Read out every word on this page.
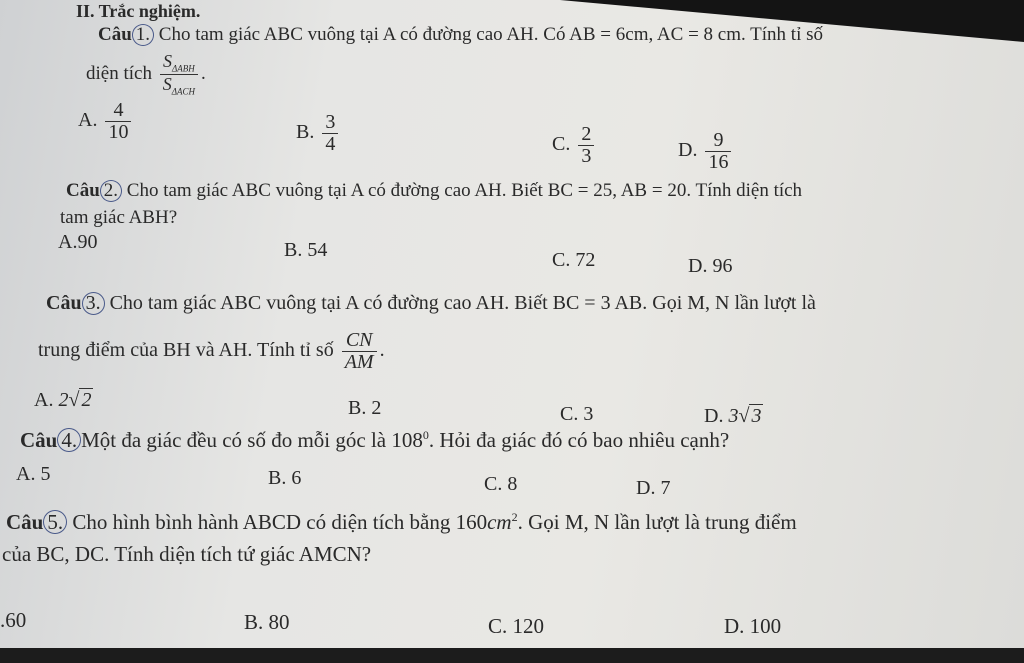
II. Trắc nghiệm.
Câu 1. Cho tam giác ABC vuông tại A có đường cao AH. Có AB = 6cm, AC = 8 cm. Tính tỉ số
diện tích $\frac{S_{\Delta ABH}}{S_{\Delta ACH}}$ .
A. $\frac{4}{10}$	B. $\frac{3}{4}$	C. $\frac{2}{3}$	D. $\frac{9}{16}$
Câu 2. Cho tam giác ABC vuông tại A có đường cao AH. Biết BC = 25, AB = 20. Tính diện tích
tam giác ABH?
A.90	B. 54	C. 72	D. 96
Câu 3. Cho tam giác ABC vuông tại A có đường cao AH. Biết BC = 3 AB. Gọi M, N lần lượt là
trung điểm của BH và AH. Tính tỉ số $\frac{CN}{AM}$ .
A. 2√ 2	B. 2	C. 3	D. 3√ 3
Câu 4. Một đa giác đều có số đo mỗi góc là $108^0$. Hỏi đa giác đó có bao nhiêu cạnh?
A. 5	B. 6	C. 8	D. 7
Câu 5. Cho hình bình hành ABCD có diện tích bằng $160cm^2$. Gọi M, N lần lượt là trung điểm
của BC, DC. Tính diện tích tứ giác AMCN?
.60	B. 80	C. 120	D. 100
